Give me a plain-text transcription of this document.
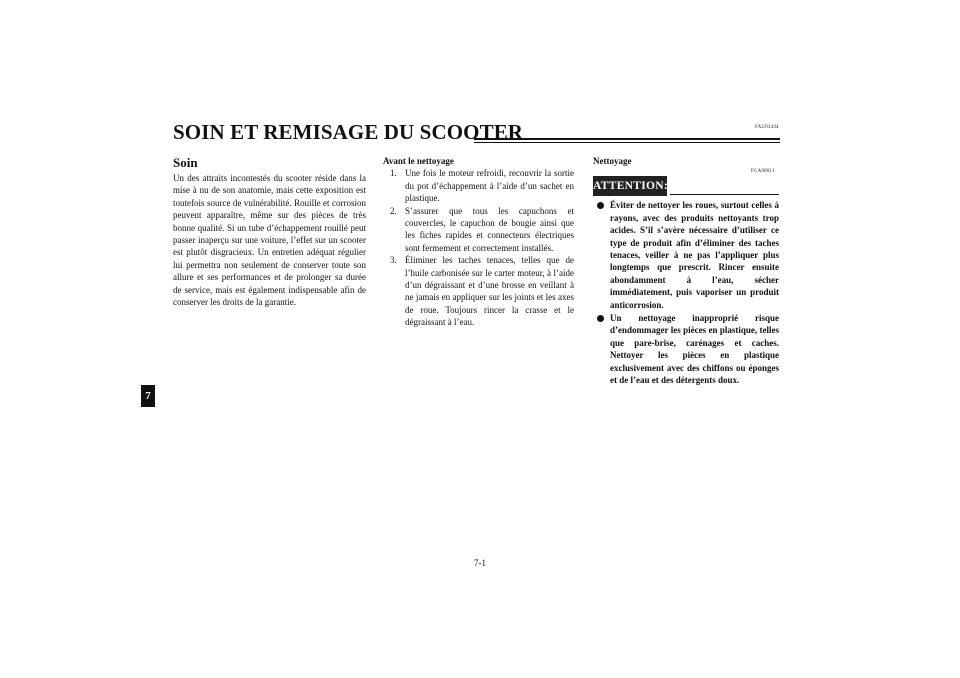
FAU03434
SOIN ET REMISAGE DU SCOOTER
7
Soin

Un des attraits incontestés du scooter réside dans la mise à nu de son anatomie, mais cette exposition est toutefois source de vulnérabilité. Rouille et corrosion peuvent apparaître, même sur des pièces de très bonne qualité. Si un tube d’échappement rouillé peut passer inaperçu sur une voiture, l’effet sur un scooter est plutôt disgracieux. Un entretien adéquat régulier lui permettra non seulement de conserver toute son allure et ses performances et de prolonger sa durée de service, mais est également indispensable afin de conserver les droits de la garantie.

Avant le nettoyage

1. Une fois le moteur refroidi, recouvrir la sortie du pot d’échappement à l’aide d’un sachet en plastique.

2. S’assurer que tous les capuchons et couvercles, le capuchon de bougie ainsi que les fiches rapides et connecteurs électriques sont fermement et correctement installés.

3. Éliminer les taches tenaces, telles que de l’huile carbonisée sur le carter moteur, à l’aide d’un dégraissant et d’une brosse en veillant à ne jamais en appliquer sur les joints et les axes de roue. Toujours rincer la crasse et le dégraissant à l’eau.

Nettoyage

ATTENTION:

Éviter de nettoyer les roues, surtout celles à rayons, avec des produits nettoyants trop acides. S’il s’avère nécessaire d’utiliser ce type de produit afin d’éliminer des taches tenaces, veiller à ne pas l’appliquer plus longtemps que prescrit. Rincer ensuite abondamment à l’eau, sécher immédiatement, puis vaporiser un produit anticorrosion.

Un nettoyage inapproprié risque d’endommager les pièces en plastique, telles que pare-brise, carénages et caches. Nettoyer les pièces en plastique exclusivement avec des chiffons ou éponges et de l’eau et des détergents doux.

FCA00011
7-1
